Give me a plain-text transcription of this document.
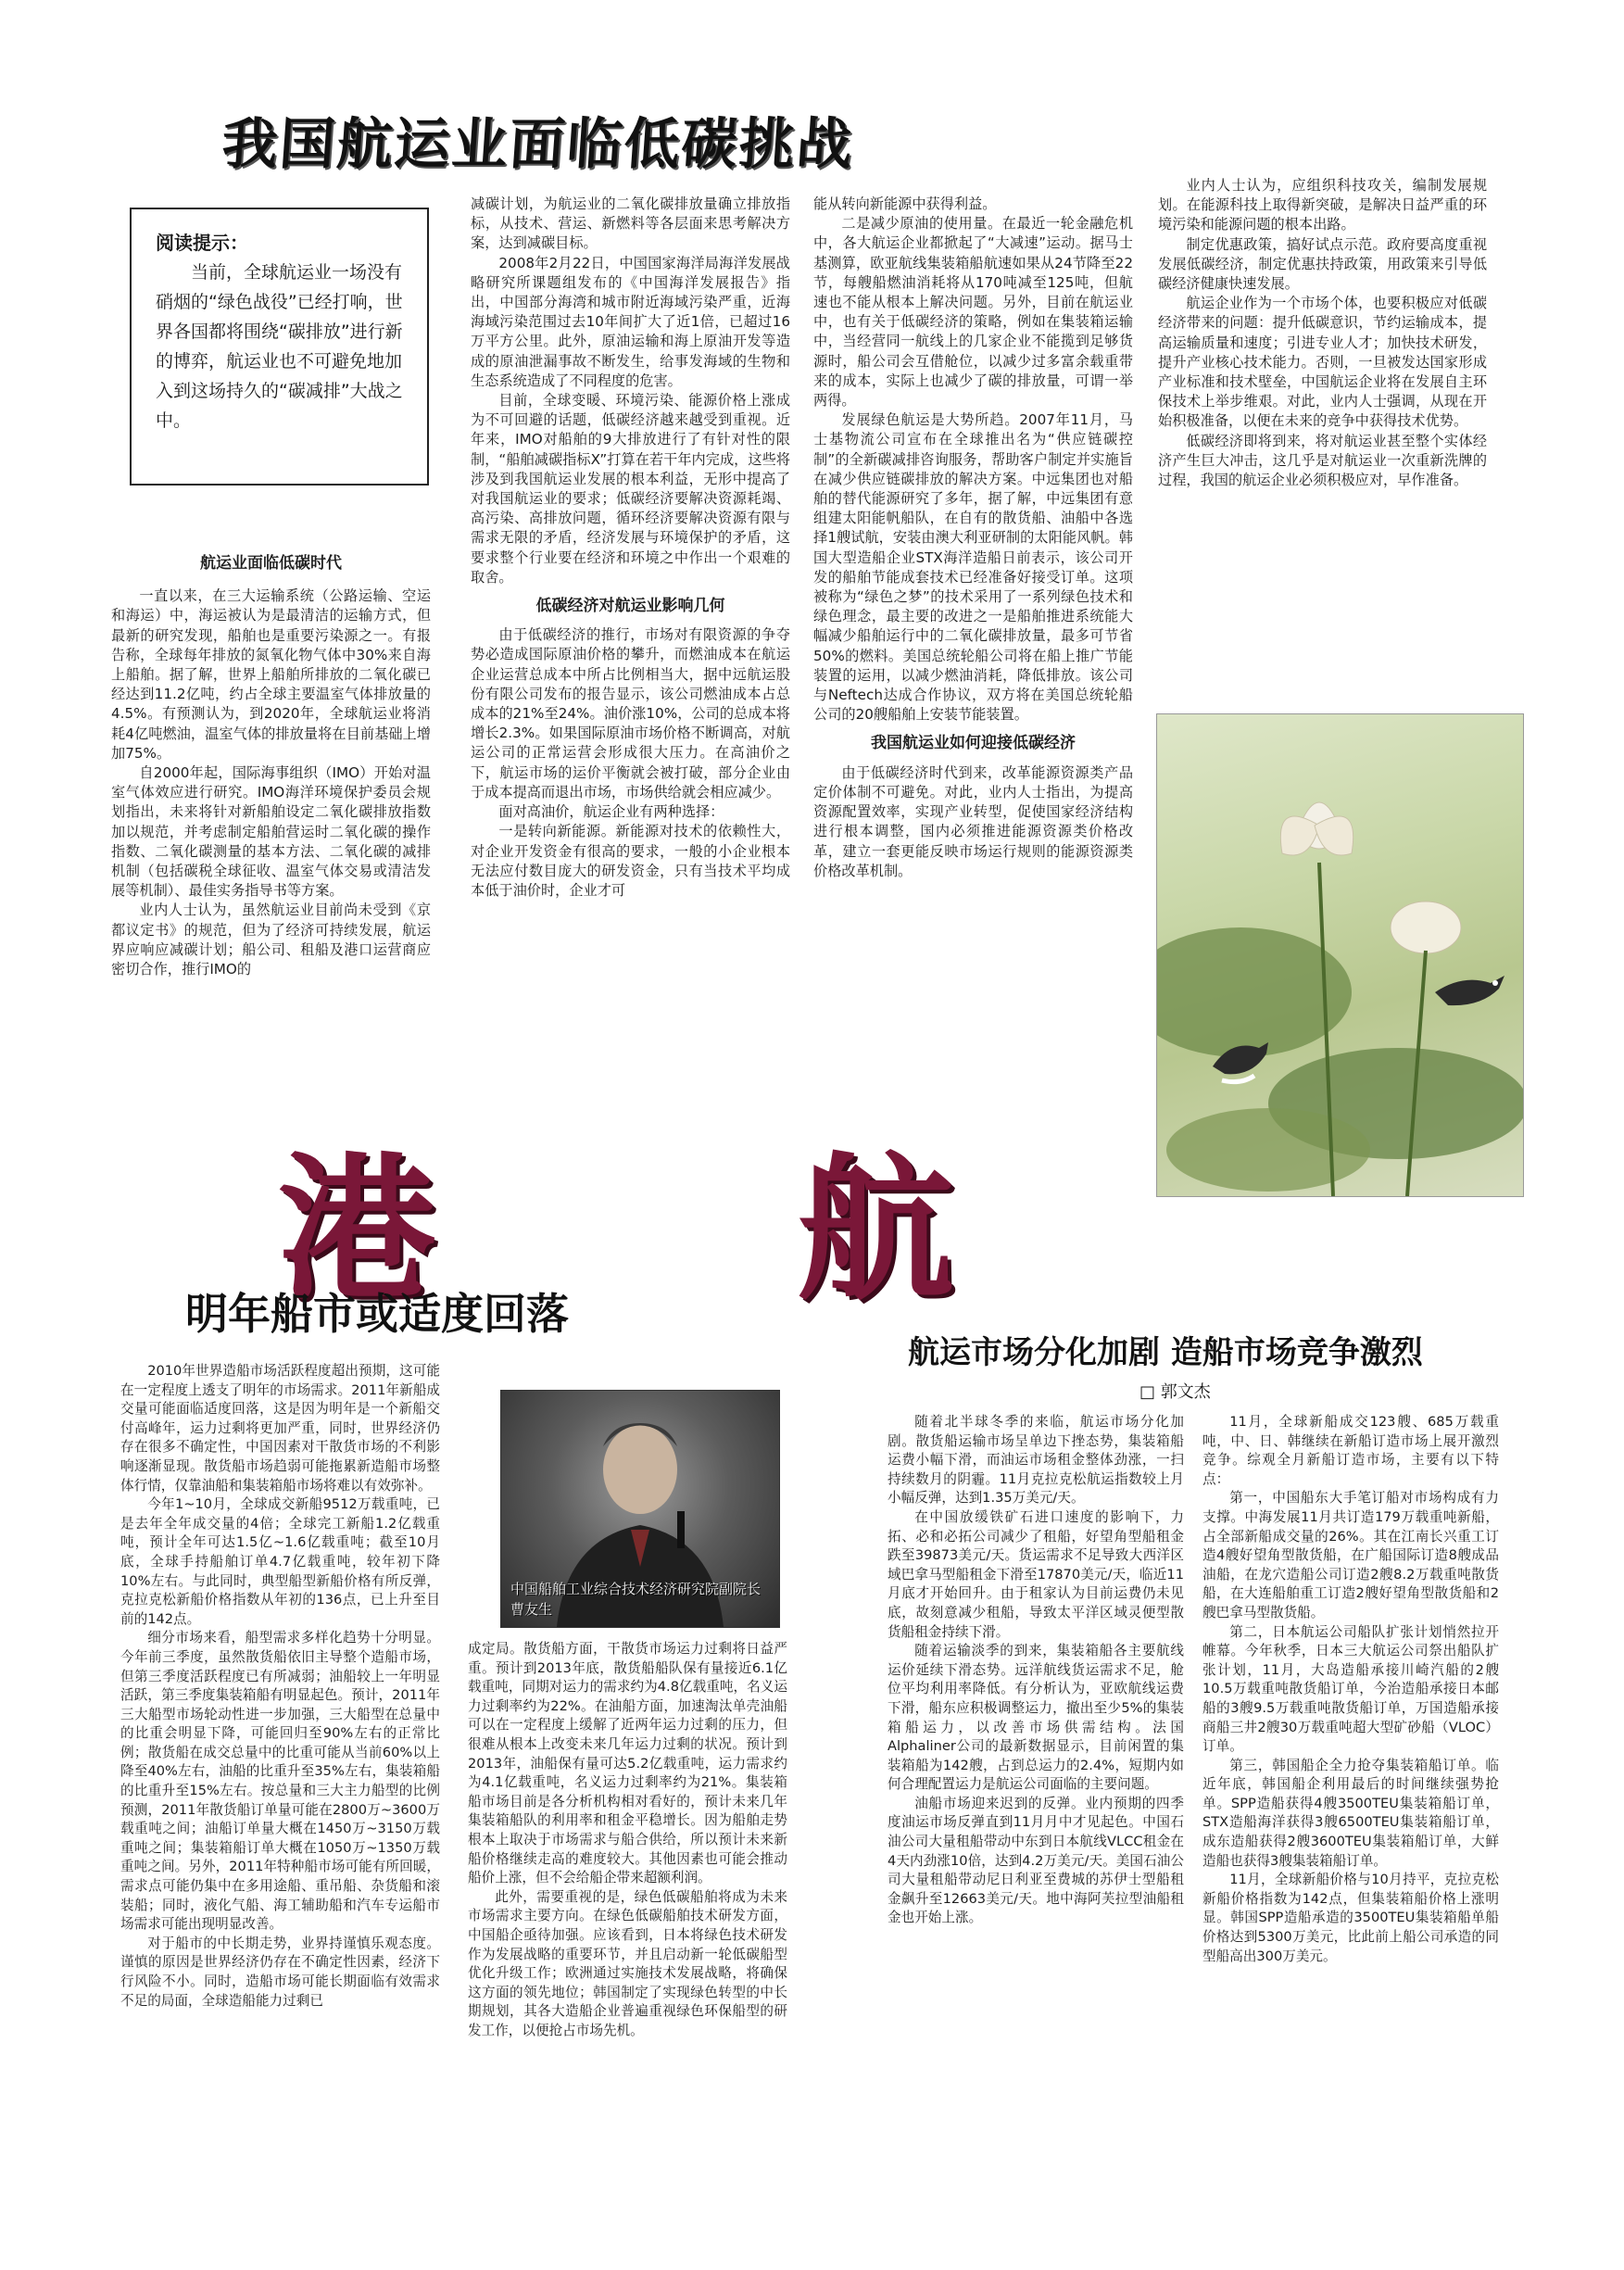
我国航运业面临低碳挑战
阅读提示：
当前，全球航运业一场没有硝烟的“绿色战役”已经打响，世界各国都将围绕“碳排放”进行新的博弈，航运业也不可避免地加入到这场持久的“碳减排”大战之中。
航运业面临低碳时代

一直以来，在三大运输系统（公路运输、空运和海运）中，海运被认为是最清洁的运输方式，但最新的研究发现，船舶也是重要污染源之一。有报告称，全球每年排放的氮氧化物气体中30%来自海上船舶。据了解，世界上船舶所排放的二氧化碳已经达到11.2亿吨，约占全球主要温室气体排放量的4.5%。有预测认为，到2020年，全球航运业将消耗4亿吨燃油，温室气体的排放量将在目前基础上增加75%。

自2000年起，国际海事组织（IMO）开始对温室气体效应进行研究。IMO海洋环境保护委员会规划指出，未来将针对新船舶设定二氧化碳排放指数加以规范，并考虑制定船舶营运时二氧化碳的操作指数、二氧化碳测量的基本方法、二氧化碳的减排机制（包括碳税全球征收、温室气体交易或清洁发展等机制）、最佳实务指导书等方案。

业内人士认为，虽然航运业目前尚未受到《京都议定书》的规范，但为了经济可持续发展，航运界应响应减碳计划；船公司、租船及港口运营商应密切合作，推行IMO的

减碳计划，为航运业的二氧化碳排放量确立排放指标，从技术、营运、新燃料等各层面来思考解决方案，达到减碳目标。

2008年2月22日，中国国家海洋局海洋发展战略研究所课题组发布的《中国海洋发展报告》指出，中国部分海湾和城市附近海域污染严重，近海海域污染范围过去10年间扩大了近1倍，已超过16万平方公里。此外，原油运输和海上原油开发等造成的原油泄漏事故不断发生，给事发海域的生物和生态系统造成了不同程度的危害。

目前，全球变暖、环境污染、能源价格上涨成为不可回避的话题，低碳经济越来越受到重视。近年来，IMO对船舶的9大排放进行了有针对性的限制，“船舶减碳指标X”打算在若干年内完成，这些将涉及到我国航运业发展的根本利益，无形中提高了对我国航运业的要求；低碳经济要解决资源耗竭、高污染、高排放问题，循环经济要解决资源有限与需求无限的矛盾，经济发展与环境保护的矛盾，这要求整个行业要在经济和环境之中作出一个艰难的取舍。

低碳经济对航运业影响几何

由于低碳经济的推行，市场对有限资源的争夺势必造成国际原油价格的攀升，而燃油成本在航运企业运营总成本中所占比例相当大，据中远航运股份有限公司发布的报告显示，该公司燃油成本占总成本的21%至24%。油价涨10%，公司的总成本将增长2.3%。如果国际原油市场价格不断调高，对航运公司的正常运营会形成很大压力。在高油价之下，航运市场的运价平衡就会被打破，部分企业由于成本提高而退出市场，市场供给就会相应减少。

面对高油价，航运企业有两种选择：

一是转向新能源。新能源对技术的依赖性大，对企业开发资金有很高的要求，一般的小企业根本无法应付数目庞大的研发资金，只有当技术平均成本低于油价时，企业才可

能从转向新能源中获得利益。

二是减少原油的使用量。在最近一轮金融危机中，各大航运企业都掀起了“大减速”运动。据马士基测算，欧亚航线集装箱船航速如果从24节降至22节，每艘船燃油消耗将从170吨减至125吨，但航速也不能从根本上解决问题。另外，目前在航运业中，也有关于低碳经济的策略，例如在集装箱运输中，当经营同一航线上的几家企业不能揽到足够货源时，船公司会互借舱位，以减少过多富余载重带来的成本，实际上也减少了碳的排放量，可谓一举两得。

发展绿色航运是大势所趋。2007年11月，马士基物流公司宣布在全球推出名为“供应链碳控制”的全新碳减排咨询服务，帮助客户制定并实施旨在减少供应链碳排放的解决方案。中远集团也对船舶的替代能源研究了多年，据了解，中远集团有意组建太阳能帆船队，在自有的散货船、油船中各选择1艘试航，安装由澳大利亚研制的太阳能风帆。韩国大型造船企业STX海洋造船日前表示，该公司开发的船舶节能成套技术已经准备好接受订单。这项被称为“绿色之梦”的技术采用了一系列绿色技术和绿色理念，最主要的改进之一是船舶推进系统能大幅减少船舶运行中的二氧化碳排放量，最多可节省50%的燃料。美国总统轮船公司将在船上推广节能装置的运用，以减少燃油消耗，降低排放。该公司与Neftech达成合作协议，双方将在美国总统轮船公司的20艘船舶上安装节能装置。

我国航运业如何迎接低碳经济

由于低碳经济时代到来，改革能源资源类产品定价体制不可避免。对此，业内人士指出，为提高资源配置效率，实现产业转型，促使国家经济结构进行根本调整，国内必须推进能源资源类价格改革，建立一套更能反映市场运行规则的能源资源类价格改革机制。

业内人士认为，应组织科技攻关，编制发展规划。在能源科技上取得新突破，是解决日益严重的环境污染和能源问题的根本出路。

制定优惠政策，搞好试点示范。政府要高度重视发展低碳经济，制定优惠扶持政策，用政策来引导低碳经济健康快速发展。

航运企业作为一个市场个体，也要积极应对低碳经济带来的问题：提升低碳意识，节约运输成本，提高运输质量和速度；引进专业人才；加快技术研发，提升产业核心技术能力。否则，一旦被发达国家形成产业标准和技术壁垒，中国航运企业将在发展自主环保技术上举步维艰。对此，业内人士强调，从现在开始积极准备，以便在未来的竞争中获得技术优势。

低碳经济即将到来，将对航运业甚至整个实体经济产生巨大冲击，这几乎是对航运业一次重新洗牌的过程，我国的航运企业必须积极应对，早作准备。

港 航
明年船市或适度回落
中国船舶工业综合技术经济研究院副院长 曹友生

2010年世界造船市场活跃程度超出预期，这可能在一定程度上透支了明年的市场需求。2011年新船成交量可能面临适度回落，这是因为明年是一个新船交付高峰年，运力过剩将更加严重，同时，世界经济仍存在很多不确定性，中国因素对干散货市场的不利影响逐渐显现。散货船市场趋弱可能拖累新造船市场整体行情，仅靠油船和集装箱船市场将难以有效弥补。

今年1~10月，全球成交新船9512万载重吨，已是去年全年成交量的4倍；全球完工新船1.2亿载重吨，预计全年可达1.5亿~1.6亿载重吨；截至10月底，全球手持船舶订单4.7亿载重吨，较年初下降10%左右。与此同时，典型船型新船价格有所反弹，克拉克松新船价格指数从年初的136点，已上升至目前的142点。

细分市场来看，船型需求多样化趋势十分明显。今年前三季度，虽然散货船依旧主导整个造船市场，但第三季度活跃程度已有所减弱；油船较上一年明显活跃，第三季度集装箱船有明显起色。预计，2011年三大船型市场轮动性进一步加强，三大船型在总量中的比重会明显下降，可能回归至90%左右的正常比例；散货船在成交总量中的比重可能从当前60%以上降至40%左右，油船的比重升至35%左右，集装箱船的比重升至15%左右。按总量和三大主力船型的比例预测，2011年散货船订单量可能在2800万~3600万载重吨之间；油船订单量大概在1450万~3150万载重吨之间；集装箱船订单大概在1050万~1350万载重吨之间。另外，2011年特种船市场可能有所回暖，需求点可能仍集中在多用途船、重吊船、杂货船和滚装船；同时，液化气船、海工辅助船和汽车专运船市场需求可能出现明显改善。

对于船市的中长期走势，业界持谨慎乐观态度。谨慎的原因是世界经济仍存在不确定性因素，经济下行风险不小。同时，造船市场可能长期面临有效需求不足的局面，全球造船能力过剩已

成定局。散货船方面，干散货市场运力过剩将日益严重。预计到2013年底，散货船船队保有量接近6.1亿载重吨，同期对运力的需求约为4.8亿载重吨，名义运力过剩率约为22%。在油船方面，加速淘汰单壳油船可以在一定程度上缓解了近两年运力过剩的压力，但很难从根本上改变未来几年运力过剩的状况。预计到2013年，油船保有量可达5.2亿载重吨，运力需求约为4.1亿载重吨，名义运力过剩率约为21%。集装箱船市场目前是各分析机构相对看好的，预计未来几年集装箱船队的利用率和租金平稳增长。因为船舶走势根本上取决于市场需求与船合供给，所以预计未来新船价格继续走高的难度较大。其他因素也可能会推动船价上涨，但不会给船企带来超额利润。

此外，需要重视的是，绿色低碳船舶将成为未来市场需求主要方向。在绿色低碳船舶技术研发方面，中国船企亟待加强。应该看到，日本将绿色技术研发作为发展战略的重要环节，并且启动新一轮低碳船型优化升级工作；欧洲通过实施技术发展战略，将确保这方面的领先地位；韩国制定了实现绿色转型的中长期规划，其各大造船企业普遍重视绿色环保船型的研发工作，以便抢占市场先机。

航运市场分化加剧 造船市场竞争激烈
□ 郭文杰

随着北半球冬季的来临，航运市场分化加剧。散货船运输市场呈单边下挫态势，集装箱船运费小幅下滑，而油运市场租金整体劲涨，一扫持续数月的阴霾。11月克拉克松航运指数较上月小幅反弹，达到1.35万美元/天。

在中国放缓铁矿石进口速度的影响下，力拓、必和必拓公司减少了租船，好望角型船租金跌至39873美元/天。货运需求不足导致大西洋区域巴拿马型船租金下滑至17870美元/天，临近11月底才开始回升。由于租家认为目前运费仍未见底，故刻意减少租船，导致太平洋区域灵便型散货船租金持续下滑。

随着运输淡季的到来，集装箱船各主要航线运价延续下滑态势。远洋航线货运需求不足，舱位平均利用率降低。有分析认为，亚欧航线运费下滑，船东应积极调整运力，撤出至少5%的集装箱船运力，以改善市场供需结构。法国Alphaliner公司的最新数据显示，目前闲置的集装箱船为142艘，占到总运力的2.4%，短期内如何合理配置运力是航运公司面临的主要问题。

油船市场迎来迟到的反弹。业内预期的四季度油运市场反弹直到11月月中才见起色。中国石油公司大量租船带动中东到日本航线VLCC租金在4天内劲涨10倍，达到4.2万美元/天。美国石油公司大量租船带动尼日利亚至费城的苏伊士型船租金飙升至12663美元/天。地中海阿芙拉型油船租金也开始上涨。

11月，全球新船成交123艘、685万载重吨，中、日、韩继续在新船订造市场上展开激烈竞争。综观全月新船订造市场，主要有以下特点：

第一，中国船东大手笔订船对市场构成有力支撑。中海发展11月共订造179万载重吨新船，占全部新船成交量的26%。其在江南长兴重工订造4艘好望角型散货船，在广船国际订造8艘成品油船，在龙穴造船公司订造2艘8.2万载重吨散货船，在大连船舶重工订造2艘好望角型散货船和2艘巴拿马型散货船。

第二，日本航运公司船队扩张计划悄然拉开帷幕。今年秋季，日本三大航运公司祭出船队扩张计划，11月，大岛造船承接川崎汽船的2艘10.5万载重吨散货船订单，今治造船承接日本邮船的3艘9.5万载重吨散货船订单，万国造船承接商船三井2艘30万载重吨超大型矿砂船（VLOC）订单。

第三，韩国船企全力抢夺集装箱船订单。临近年底，韩国船企利用最后的时间继续强势抢单。SPP造船获得4艘3500TEU集装箱船订单，STX造船海洋获得3艘6500TEU集装箱船订单，成东造船获得2艘3600TEU集装箱船订单，大鲜造船也获得3艘集装箱船订单。

11月，全球新船价格与10月持平，克拉克松新船价格指数为142点，但集装箱船价格上涨明显。韩国SPP造船承造的3500TEU集装箱船单船价格达到5300万美元，比此前上船公司承造的同型船高出300万美元。
